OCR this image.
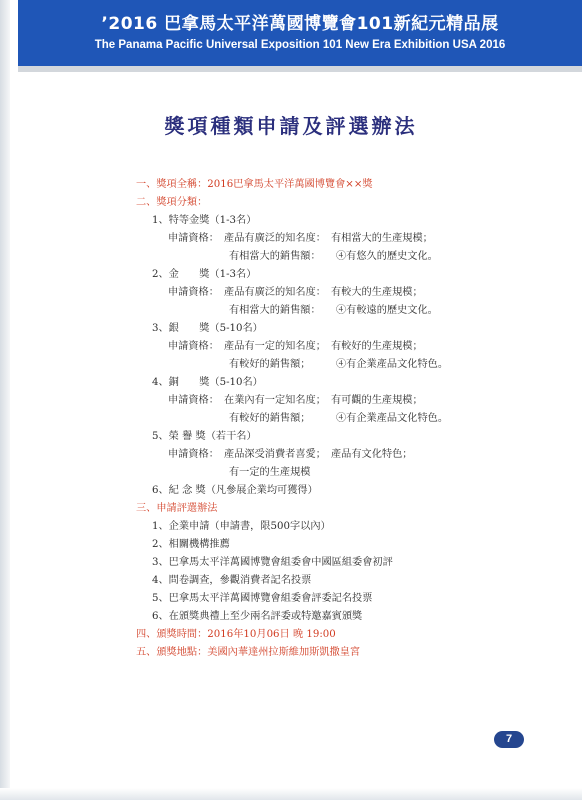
’2016 巴拿馬太平洋萬國博覽會101新紀元精品展
The Panama Pacific Universal Exposition 101 New Era Exhibition USA 2016
獎項種類申請及評選辦法
一、獎項全稱：2016巴拿馬太平洋萬國博覽會××獎
二、獎項分類：
1、特等金獎（1-3名）
申請資格：　產品有廣泛的知名度：　有相當大的生產規模；
有相當大的銷售額：　　④有悠久的歷史文化。
2、金　　獎（1-3名）
申請資格：　產品有廣泛的知名度：　有較大的生產規模；
有相當大的銷售額：　　④有較遠的歷史文化。
3、銀　　獎（5-10名）
申請資格：　產品有一定的知名度；　有較好的生產規模；
有較好的銷售額；　　　④有企業產品文化特色。
4、銅　　獎（5-10名）
申請資格：　在業內有一定知名度；　有可觀的生產規模；
有較好的銷售額；　　　④有企業產品文化特色。
5、榮 譽 獎（若干名）
申請資格：　產品深受消費者喜愛；　產品有文化特色；
有一定的生產規模
6、紀 念 獎（凡參展企業均可獲得）
三、申請評選辦法
1、企業申請（申請書，限500字以內）
2、相關機構推薦
3、巴拿馬太平洋萬國博覽會組委會中國區組委會初評
4、問卷調查，參觀消費者記名投票
5、巴拿馬太平洋萬國博覽會組委會評委記名投票
6、在頒獎典禮上至少兩名評委或特邀嘉賓頒獎
四、頒獎時間：2016年10月06日 晚 19:00
五、頒獎地點：美國內華達州拉斯維加斯凱撒皇宮
7
